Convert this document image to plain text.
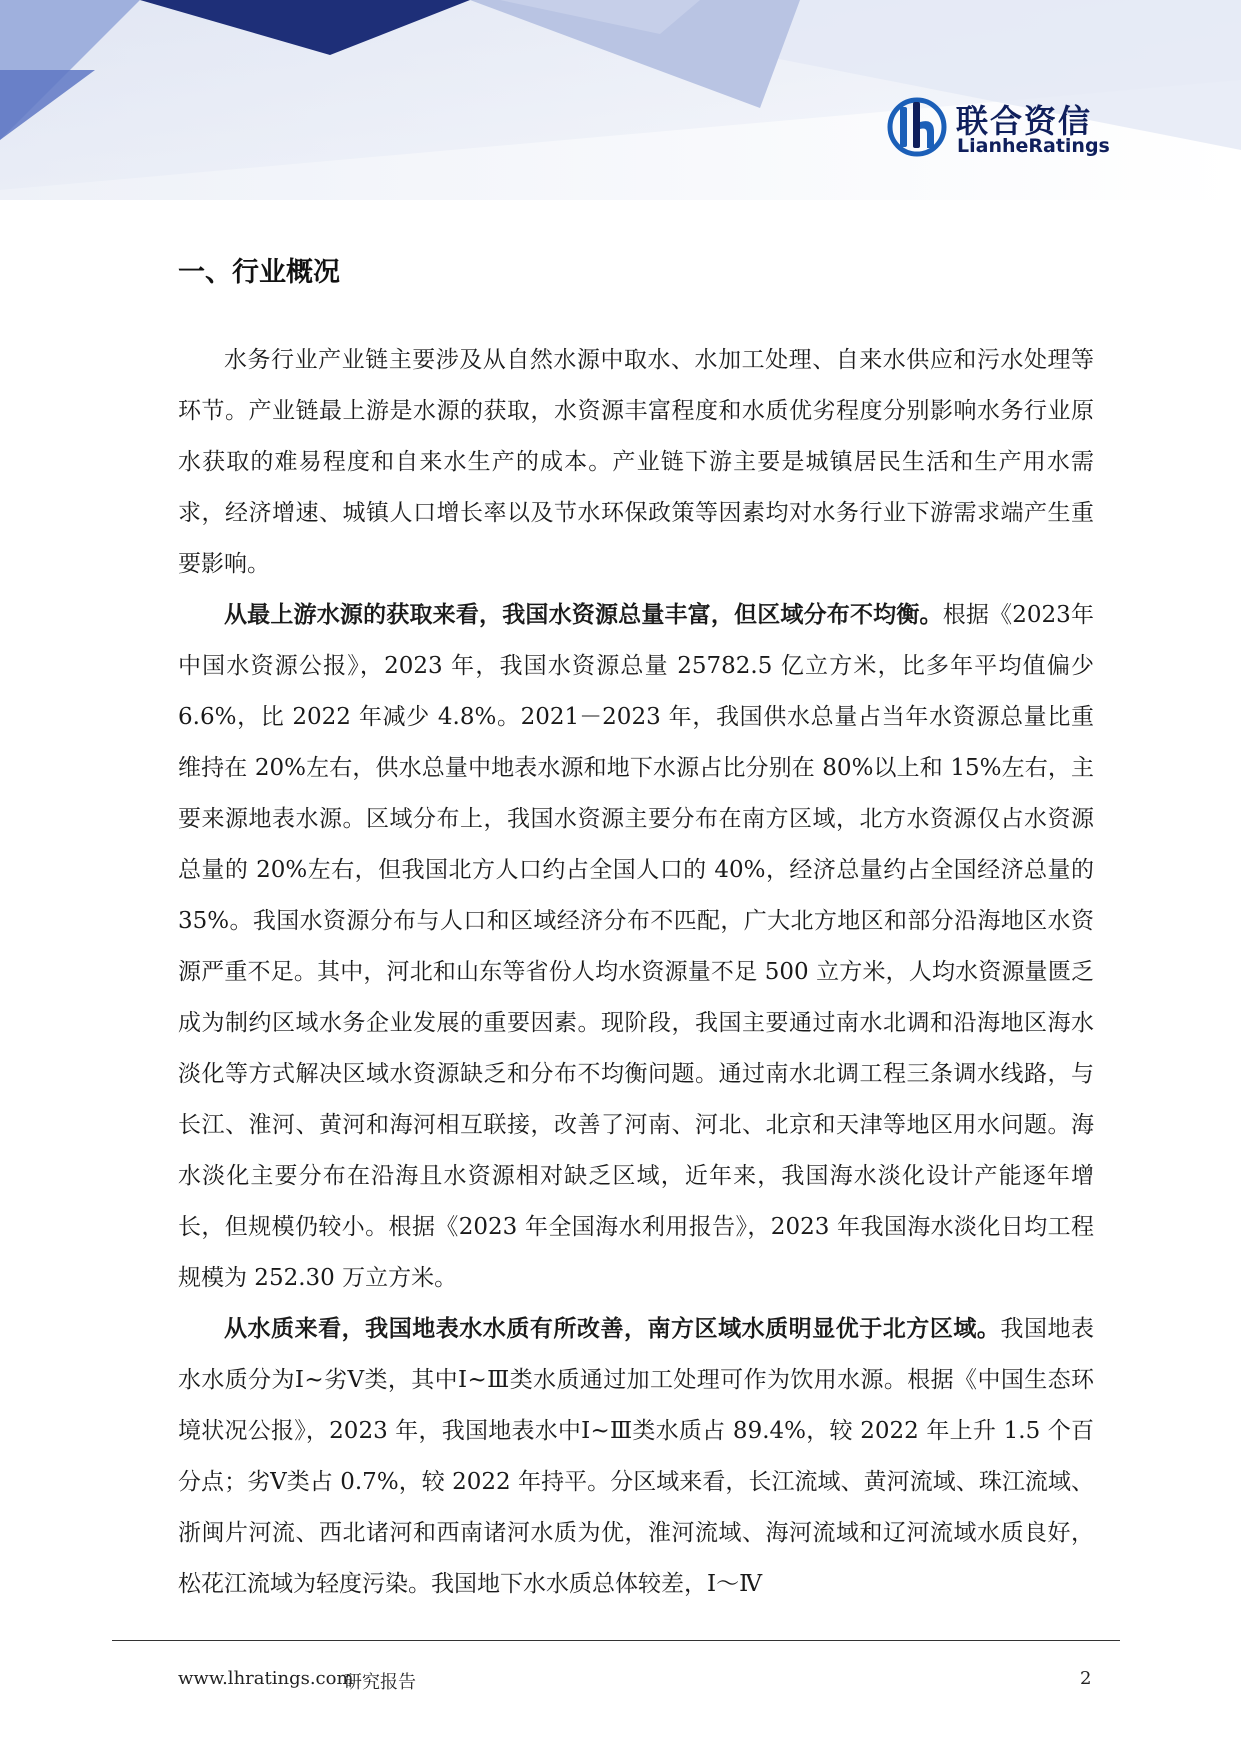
联合资信
LianheRatings
一、行业概况

水务行业产业链主要涉及从自然水源中取水、水加工处理、自来水供应和污水处理等环节。产业链最上游是水源的获取，水资源丰富程度和水质优劣程度分别影响水务行业原水获取的难易程度和自来水生产的成本。产业链下游主要是城镇居民生活和生产用水需求，经济增速、城镇人口增长率以及节水环保政策等因素均对水务行业下游需求端产生重要影响。

从最上游水源的获取来看，我国水资源总量丰富，但区域分布不均衡。根据《2023年中国水资源公报》，2023 年，我国水资源总量 25782.5 亿立方米，比多年平均值偏少 6.6%，比 2022 年减少 4.8%。2021－2023 年，我国供水总量占当年水资源总量比重维持在 20%左右，供水总量中地表水源和地下水源占比分别在 80%以上和 15%左右，主要来源地表水源。区域分布上，我国水资源主要分布在南方区域，北方水资源仅占水资源总量的 20%左右，但我国北方人口约占全国人口的 40%，经济总量约占全国经济总量的 35%。我国水资源分布与人口和区域经济分布不匹配，广大北方地区和部分沿海地区水资源严重不足。其中，河北和山东等省份人均水资源量不足 500 立方米，人均水资源量匮乏成为制约区域水务企业发展的重要因素。现阶段，我国主要通过南水北调和沿海地区海水淡化等方式解决区域水资源缺乏和分布不均衡问题。通过南水北调工程三条调水线路，与长江、淮河、黄河和海河相互联接，改善了河南、河北、北京和天津等地区用水问题。海水淡化主要分布在沿海且水资源相对缺乏区域，近年来，我国海水淡化设计产能逐年增长，但规模仍较小。根据《2023 年全国海水利用报告》，2023 年我国海水淡化日均工程规模为 252.30 万立方米。

从水质来看，我国地表水水质有所改善，南方区域水质明显优于北方区域。我国地表水水质分为Ⅰ~劣Ⅴ类，其中Ⅰ~Ⅲ类水质通过加工处理可作为饮用水源。根据《中国生态环境状况公报》，2023 年，我国地表水中Ⅰ~Ⅲ类水质占 89.4%，较 2022 年上升 1.5 个百分点；劣Ⅴ类占 0.7%，较 2022 年持平。分区域来看，长江流域、黄河流域、珠江流域、浙闽片河流、西北诸河和西南诸河水质为优，淮河流域、海河流域和辽河流域水质良好，松花江流域为轻度污染。我国地下水水质总体较差，Ⅰ～Ⅳ

www.lhratings.com
研究报告	2
